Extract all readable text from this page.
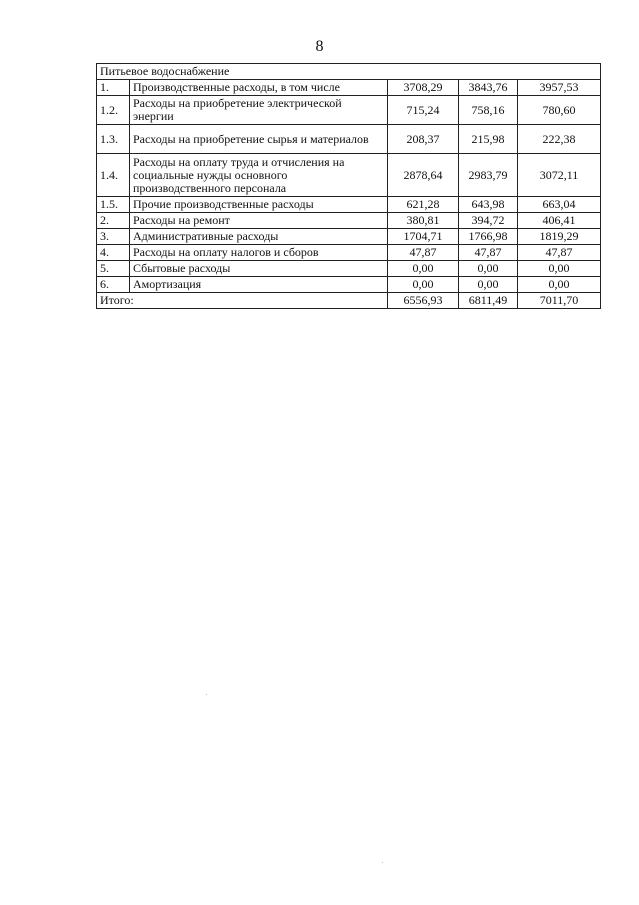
8
Питьевое водоснабжение				
1.	Производственные расходы, в том числе	3708,29	3843,76	3957,53
1.2.	Расходы на приобретение электрической энергии	715,24	758,16	780,60
1.3.	Расходы на приобретение сырья и материалов	208,37	215,98	222,38
1.4.	Расходы на оплату труда и отчисления на социальные нужды основного производственного персонала	2878,64	2983,79	3072,11
1.5.	Прочие производственные расходы	621,28	643,98	663,04
2.	Расходы на ремонт	380,81	394,72	406,41
3.	Административные расходы	1704,71	1766,98	1819,29
4.	Расходы на оплату налогов и сборов	47,87	47,87	47,87
5.	Сбытовые расходы	0,00	0,00	0,00
6.	Амортизация	0,00	0,00	0,00
Итого:		6556,93	6811,49	7011,70
